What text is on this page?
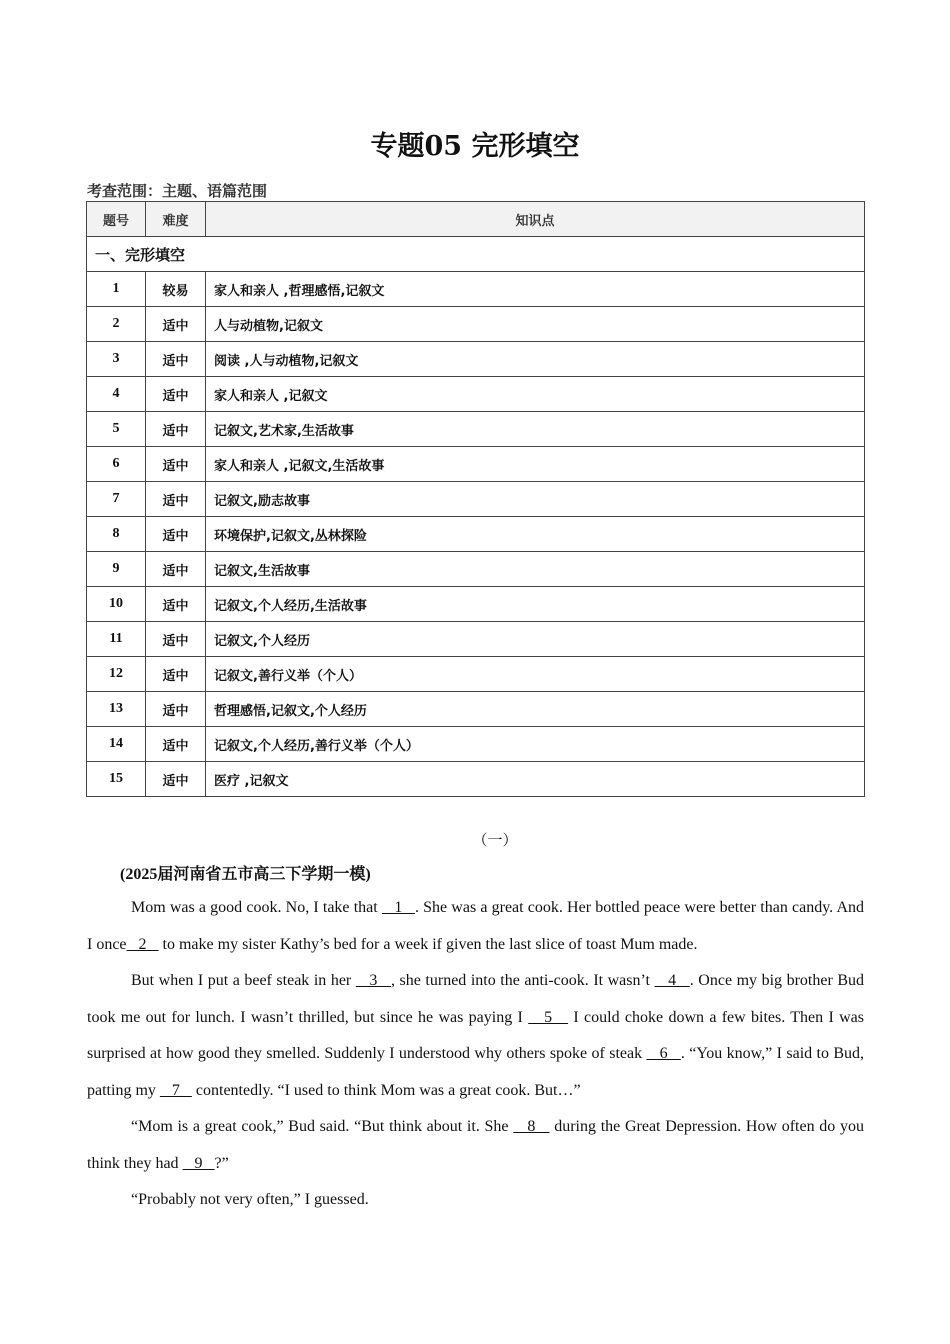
专题05 完形填空
考查范围：主题、语篇范围
题号	难度	知识点
一、完形填空		
1	较易	家人和亲人 ,哲理感悟,记叙文
2	适中	人与动植物,记叙文
3	适中	阅读 ,人与动植物,记叙文
4	适中	家人和亲人 ,记叙文
5	适中	记叙文,艺术家,生活故事
6	适中	家人和亲人 ,记叙文,生活故事
7	适中	记叙文,励志故事
8	适中	环境保护,记叙文,丛林探险
9	适中	记叙文,生活故事
10	适中	记叙文,个人经历,生活故事
11	适中	记叙文,个人经历
12	适中	记叙文,善行义举（个人）
13	适中	哲理感悟,记叙文,个人经历
14	适中	记叙文,个人经历,善行义举（个人）
15	适中	医疗 ,记叙文
（一）
(2025届河南省五市高三下学期一模)

Mom was a good cook. No, I take that    1   . She was a great cook. Her bottled peace were better than candy. And I once   2    to make my sister Kathy’s bed for a week if given the last slice of toast Mum made.

But when I put a beef steak in her    3   , she turned into the anti-cook. It wasn’t    4   . Once my big brother Bud took me out for lunch. I wasn’t thrilled, but since he was paying I    5    I could choke down a few bites. Then I was surprised at how good they smelled. Suddenly I understood why others spoke of steak    6   . “You know,” I said to Bud, patting my    7    contentedly. “I used to think Mom was a great cook. But…”

“Mom is a great cook,” Bud said. “But think about it. She    8    during the Great Depression. How often do you think they had    9   ?”

“Probably not very often,” I guessed.
